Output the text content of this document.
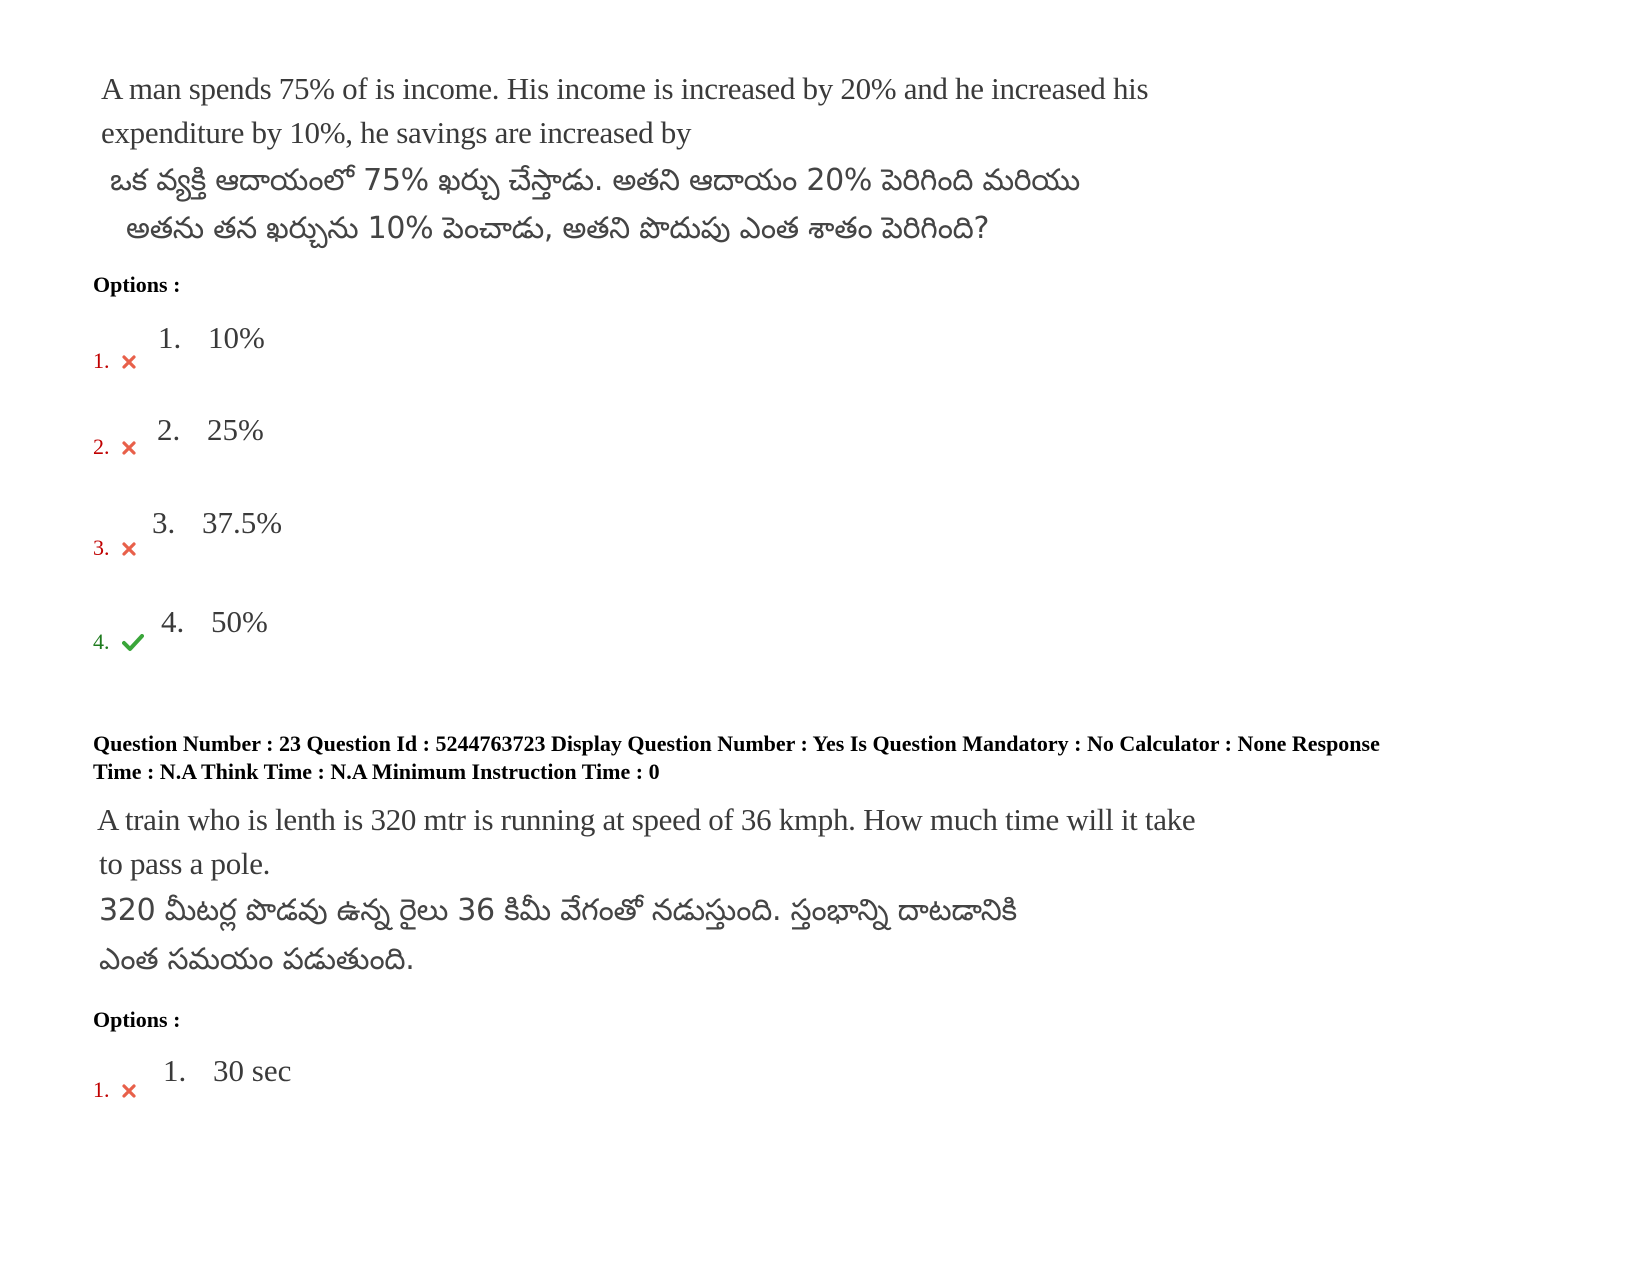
A man spends 75% of is income. His income is increased by 20% and he increased his
expenditure by 10%, he savings are increased by
ఒక వ్యక్తి ఆదాయంలో 75% ఖర్చు చేస్తాడు. అతని ఆదాయం 20% పెరిగింది మరియు
అతను తన ఖర్చును 10% పెంచాడు, అతని పొదుపు ఎంత శాతం పెరిగింది?
Options :
1.
1. 10%
2.	2. 25%
3.
3. 37.5%
4.
4. 50%
Question Number : 23 Question Id : 5244763723 Display Question Number : Yes Is Question Mandatory : No Calculator : None Response
Time : N.A Think Time : N.A Minimum Instruction Time : 0
A train who is lenth is 320 mtr is running at speed of 36 kmph. How much time will it take
to pass a pole.
320 మీటర్ల పొడవు ఉన్న రైలు 36 కిమీ వేగంతో నడుస్తుంది. స్తంభాన్ని దాటడానికి
ఎంత సమయం పడుతుంది.
Options :
1.
1. 30 sec
